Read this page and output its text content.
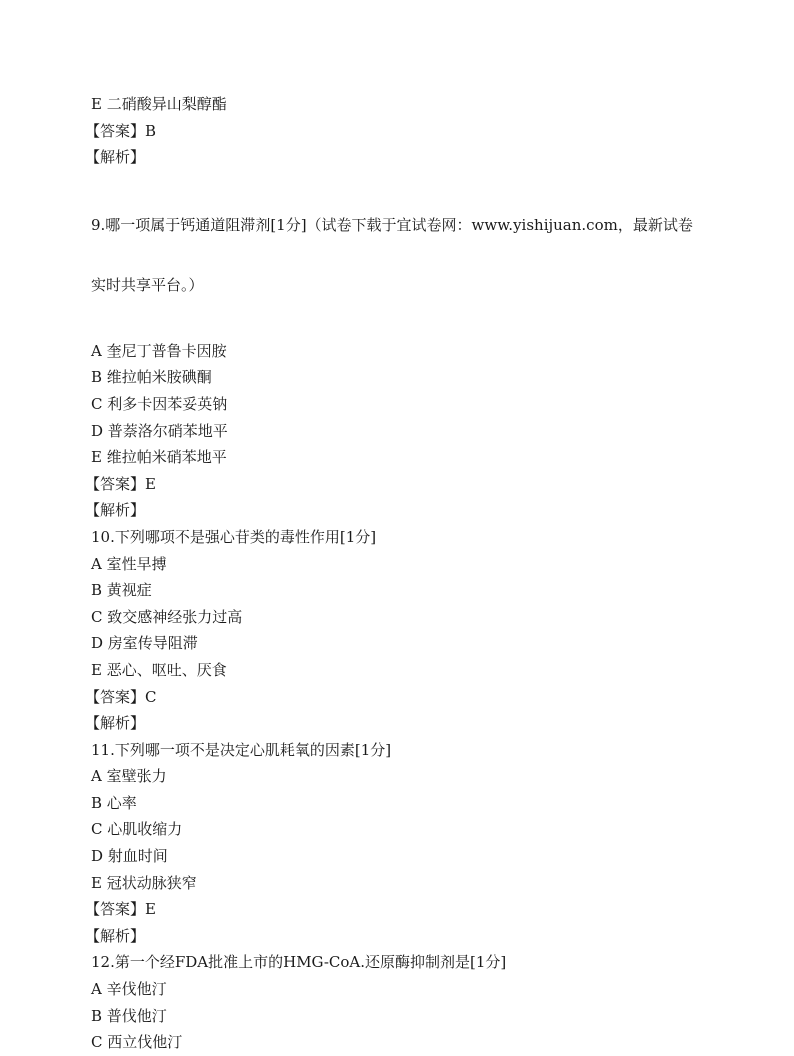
E 二硝酸异山梨醇酯
【答案】B
【解析】

9.哪一项属于钙通道阻滞剂[1分]（试卷下载于宜试卷网：www.yishijuan.com，最新试卷

实时共享平台。）

A 奎尼丁普鲁卡因胺
B 维拉帕米胺碘酮
C 利多卡因苯妥英钠
D 普萘洛尔硝苯地平
E 维拉帕米硝苯地平
【答案】E
【解析】
10.下列哪项不是强心苷类的毒性作用[1分]
A 室性早搏
B 黄视症
C 致交感神经张力过高
D 房室传导阻滞
E 恶心、呕吐、厌食
【答案】C
【解析】
11.下列哪一项不是决定心肌耗氧的因素[1分]
A 室壁张力
B 心率
C 心肌收缩力
D 射血时间
E 冠状动脉狭窄
【答案】E
【解析】
12.第一个经FDA批准上市的HMG-CoA.还原酶抑制剂是[1分]
A 辛伐他汀
B 普伐他汀
C 西立伐他汀
